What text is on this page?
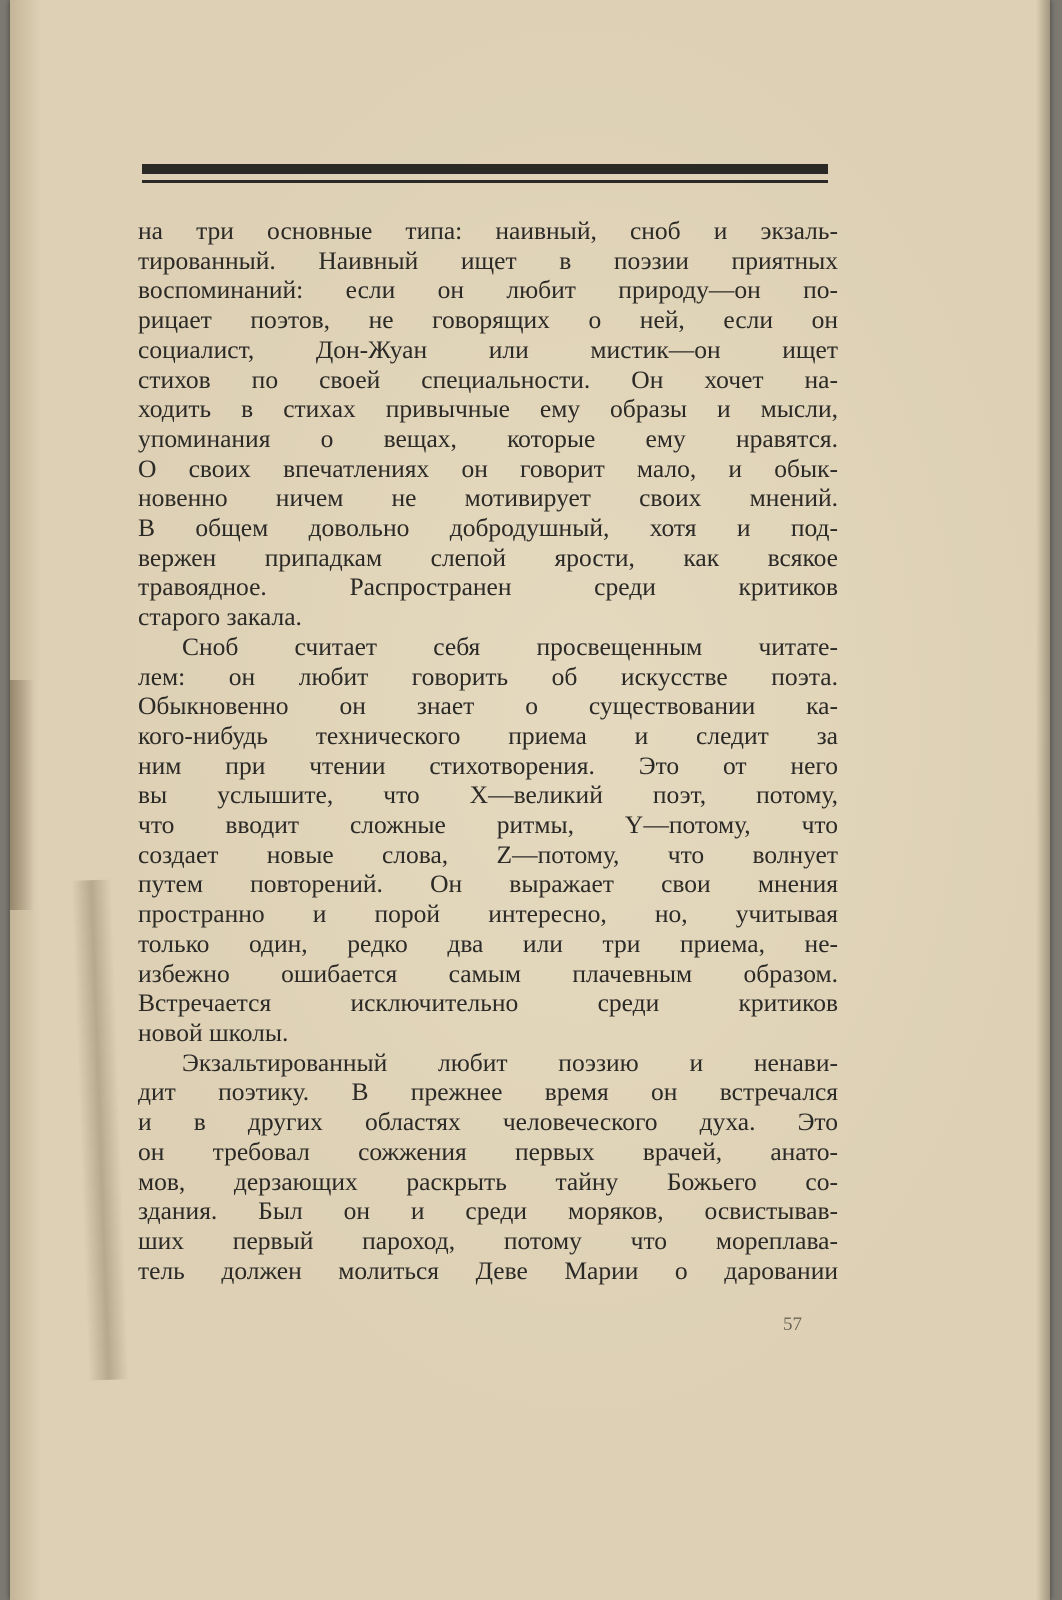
на три основные типа: наивный, сноб и экзаль-
тированный. Наивный ищет в поэзии приятных
воспоминаний: если он любит природу—он по-
рицает поэтов, не говорящих о ней, если он
социалист, Дон-Жуан или мистик—он ищет
стихов по своей специальности. Он хочет на-
ходить в стихах привычные ему образы и мысли,
упоминания о вещах, которые ему нравятся.
О своих впечатлениях он говорит мало, и обык-
новенно ничем не мотивирует своих мнений.
В общем довольно добродушный, хотя и под-
вержен припадкам слепой ярости, как всякое
травоядное. Распространен среди критиков
старого закала.
Сноб считает себя просвещенным читате-
лем: он любит говорить об искусстве поэта.
Обыкновенно он знает о существовании ка-
кого-нибудь технического приема и следит за
ним при чтении стихотворения. Это от него
вы услышите, что X—великий поэт, потому,
что вводит сложные ритмы, Y—потому, что
создает новые слова, Z—потому, что волнует
путем повторений. Он выражает свои мнения
пространно и порой интересно, но, учитывая
только один, редко два или три приема, не-
избежно ошибается самым плачевным образом.
Встречается исключительно среди критиков
новой школы.
Экзальтированный любит поэзию и ненави-
дит поэтику. В прежнее время он встречался
и в других областях человеческого духа. Это
он требовал сожжения первых врачей, анато-
мов, дерзающих раскрыть тайну Божьего со-
здания. Был он и среди моряков, освистывав-
ших первый пароход, потому что мореплава-
тель должен молиться Деве Марии о даровании
57
